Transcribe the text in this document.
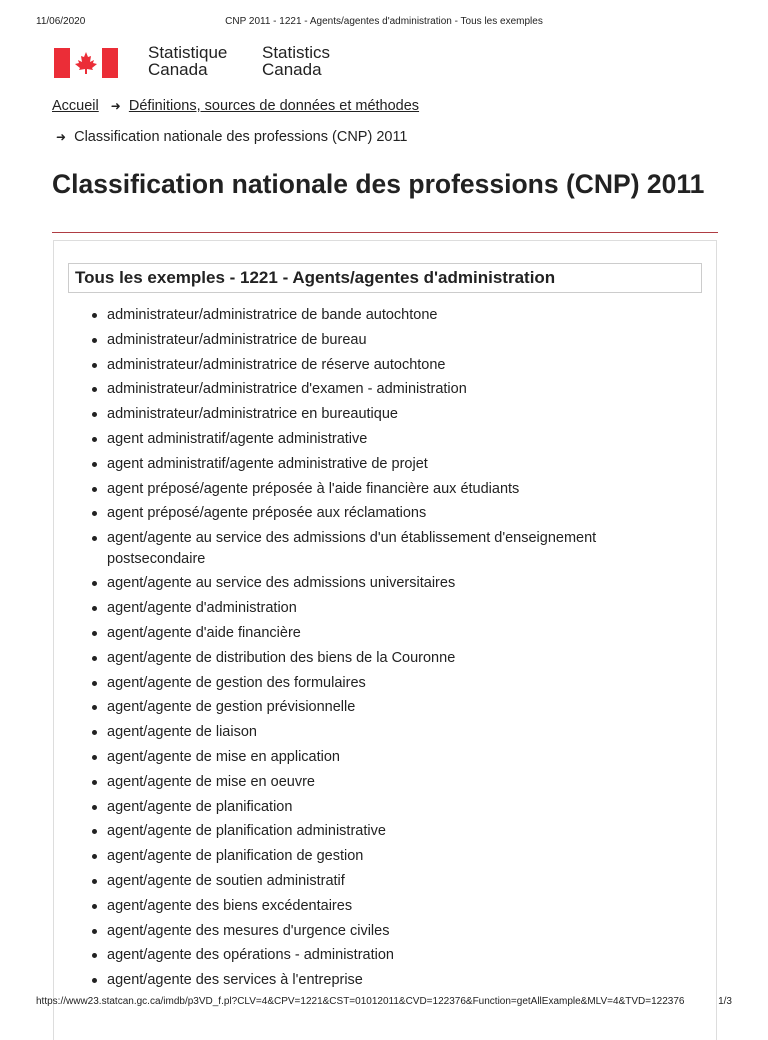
11/06/2020	CNP 2011 - 1221 - Agents/agentes d'administration - Tous les exemples
Statistique
Canada
Statistics
Canada
Accueil ➜ Définitions, sources de données et méthodes
➜ Classification nationale des professions (CNP) 2011
Classification nationale des professions (CNP) 2011
Tous les exemples - 1221 - Agents/agentes d'administration
administrateur/administratrice de bande autochtone
administrateur/administratrice de bureau
administrateur/administratrice de réserve autochtone
administrateur/administratrice d'examen - administration
administrateur/administratrice en bureautique
agent administratif/agente administrative
agent administratif/agente administrative de projet
agent préposé/agente préposée à l'aide financière aux étudiants
agent préposé/agente préposée aux réclamations
agent/agente au service des admissions d'un établissement d'enseignement postsecondaire
agent/agente au service des admissions universitaires
agent/agente d'administration
agent/agente d'aide financière
agent/agente de distribution des biens de la Couronne
agent/agente de gestion des formulaires
agent/agente de gestion prévisionnelle
agent/agente de liaison
agent/agente de mise en application
agent/agente de mise en oeuvre
agent/agente de planification
agent/agente de planification administrative
agent/agente de planification de gestion
agent/agente de soutien administratif
agent/agente des biens excédentaires
agent/agente des mesures d'urgence civiles
agent/agente des opérations - administration
agent/agente des services à l'entreprise
https://www23.statcan.gc.ca/imdb/p3VD_f.pl?CLV=4&CPV=1221&CST=01012011&CVD=122376&Function=getAllExample&MLV=4&TVD=122376	1/3
